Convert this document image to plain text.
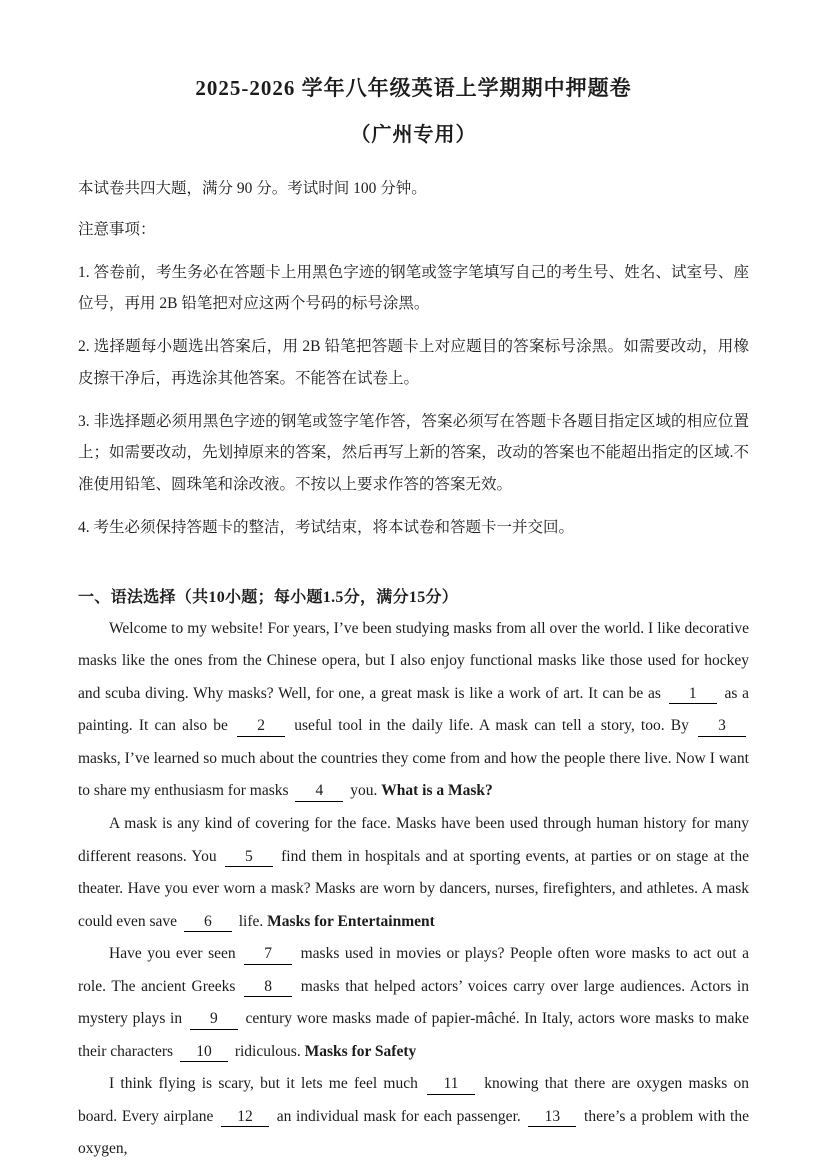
2025-2026 学年八年级英语上学期期中押题卷
（广州专用）

本试卷共四大题，满分 90 分。考试时间 100 分钟。

注意事项：

1. 答卷前，考生务必在答题卡上用黑色字迹的钢笔或签字笔填写自己的考生号、姓名、试室号、座位号，再用 2B 铅笔把对应这两个号码的标号涂黑。

2. 选择题每小题选出答案后，用 2B 铅笔把答题卡上对应题目的答案标号涂黑。如需要改动，用橡皮擦干净后，再选涂其他答案。不能答在试卷上。

3. 非选择题必须用黑色字迹的钢笔或签字笔作答，答案必须写在答题卡各题目指定区域的相应位置上；如需要改动，先划掉原来的答案，然后再写上新的答案，改动的答案也不能超出指定的区域.不准使用铅笔、圆珠笔和涂改液。不按以上要求作答的答案无效。

4. 考生必须保持答题卡的整洁，考试结束，将本试卷和答题卡一并交回。

一、语法选择（共10小题；每小题1.5分，满分15分）

Welcome to my website! For years, I’ve been studying masks from all over the world. I like decorative masks like the ones from the Chinese opera, but I also enjoy functional masks like those used for hockey and scuba diving. Why masks? Well, for one, a great mask is like a work of art. It can be as 1 as a painting. It can also be 2 useful tool in the daily life. A mask can tell a story, too. By 3 masks, I’ve learned so much about the countries they come from and how the people there live. Now I want to share my enthusiasm for masks 4 you. What is a Mask?

A mask is any kind of covering for the face. Masks have been used through human history for many different reasons. You 5 find them in hospitals and at sporting events, at parties or on stage at the theater. Have you ever worn a mask? Masks are worn by dancers, nurses, firefighters, and athletes. A mask could even save 6 life. Masks for Entertainment

Have you ever seen 7 masks used in movies or plays? People often wore masks to act out a role. The ancient Greeks 8 masks that helped actors’ voices carry over large audiences. Actors in mystery plays in 9 century wore masks made of papier-mâché. In Italy, actors wore masks to make their characters 10 ridiculous. Masks for Safety

I think flying is scary, but it lets me feel much 11 knowing that there are oxygen masks on board. Every airplane 12 an individual mask for each passenger. 13 there’s a problem with the oxygen,
